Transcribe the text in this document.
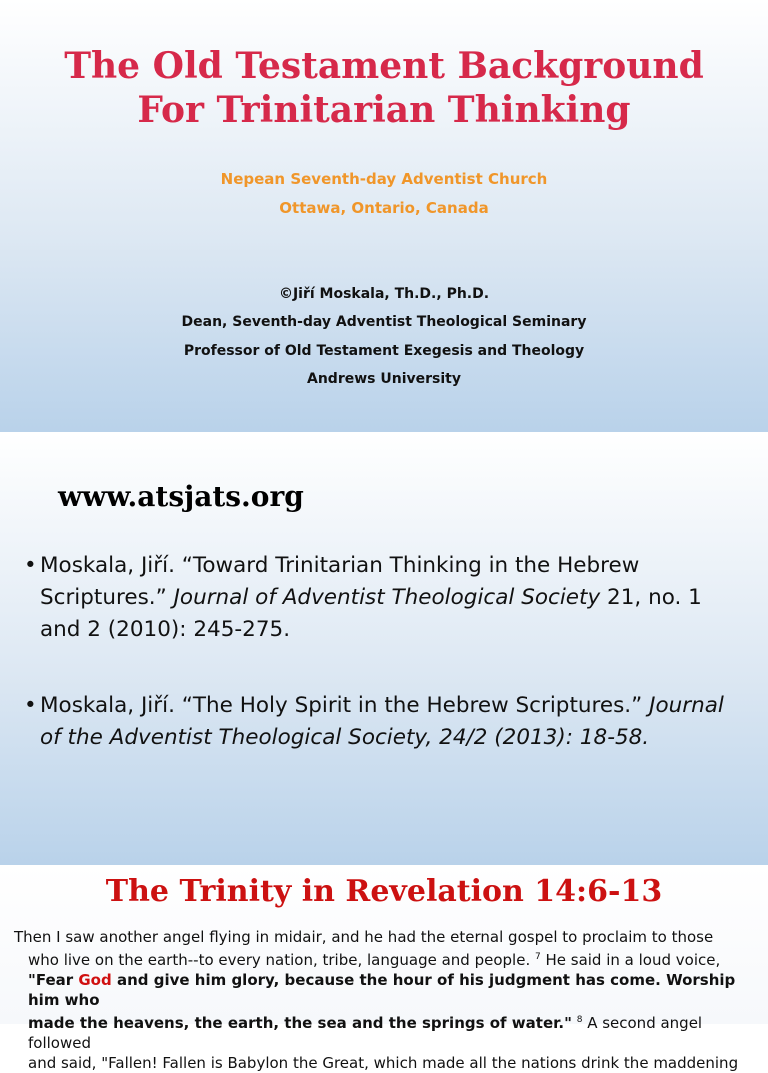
The Old Testament Background
For Trinitarian Thinking
Nepean Seventh-day Adventist Church
Ottawa, Ontario, Canada
©Jiří Moskala, Th.D., Ph.D.
Dean, Seventh-day Adventist Theological Seminary
Professor of Old Testament Exegesis and Theology
Andrews University
www.atsjats.org
• Moskala, Jiří. “Toward Trinitarian Thinking in the Hebrew Scriptures.” Journal of Adventist Theological Society 21, no. 1 and 2 (2010): 245-275.
• Moskala, Jiří. “The Holy Spirit in the Hebrew Scriptures.” Journal of the Adventist Theological Society, 24/2 (2013): 18-58.
The Trinity in Revelation 14:6-13
Then I saw another angel flying in midair, and he had the eternal gospel to proclaim to those
who live on the earth--to every nation, tribe, language and people. $^7$ He said in a loud voice,
"Fear God and give him glory, because the hour of his judgment has come. Worship him who
made the heavens, the earth, the sea and the springs of water." $^8$ A second angel followed
and said, "Fallen! Fallen is Babylon the Great, which made all the nations drink the maddening
